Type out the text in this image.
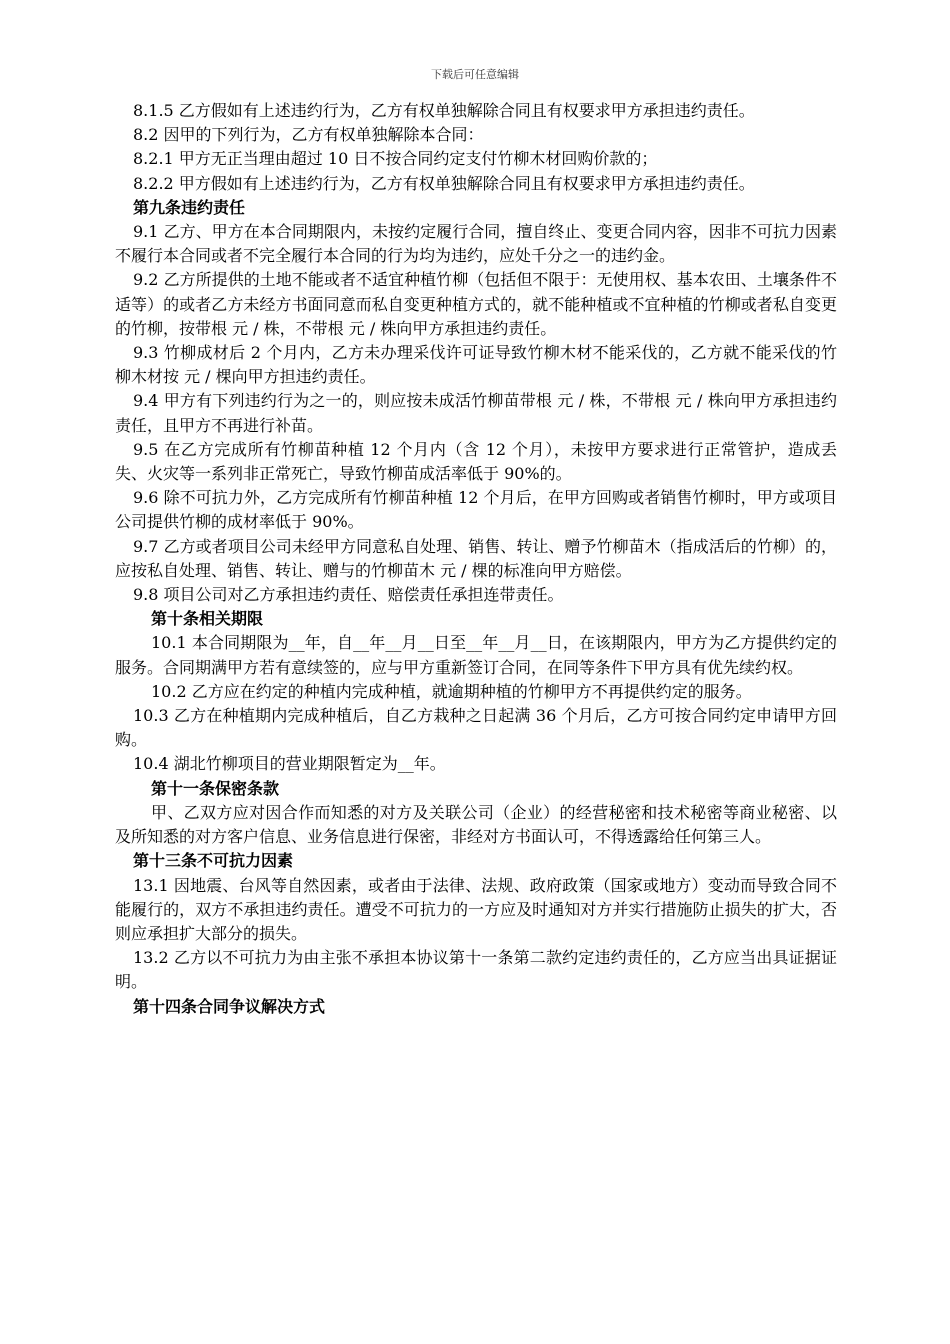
下载后可任意编辑

8.1.5 乙方假如有上述违约行为，乙方有权单独解除合同且有权要求甲方承担违约责任。

8.2 因甲的下列行为，乙方有权单独解除本合同：

8.2.1 甲方无正当理由超过 10 日不按合同约定支付竹柳木材回购价款的；

8.2.2 甲方假如有上述违约行为，乙方有权单独解除合同且有权要求甲方承担违约责任。

第九条违约责任

9.1 乙方、甲方在本合同期限内，未按约定履行合同，擅自终止、变更合同内容，因非不可抗力因素不履行本合同或者不完全履行本合同的行为均为违约，应处千分之一的违约金。

9.2 乙方所提供的土地不能或者不适宜种植竹柳（包括但不限于：无使用权、基本农田、土壤条件不适等）的或者乙方未经方书面同意而私自变更种植方式的，就不能种植或不宜种植的竹柳或者私自变更的竹柳，按带根 元 / 株，不带根 元 / 株向甲方承担违约责任。

9.3 竹柳成材后 2 个月内，乙方未办理采伐许可证导致竹柳木材不能采伐的，乙方就不能采伐的竹柳木材按 元 / 棵向甲方担违约责任。

9.4 甲方有下列违约行为之一的，则应按未成活竹柳苗带根 元 / 株，不带根 元 / 株向甲方承担违约责任，且甲方不再进行补苗。

9.5 在乙方完成所有竹柳苗种植 12 个月内（含 12 个月），未按甲方要求进行正常管护，造成丢失、火灾等一系列非正常死亡，导致竹柳苗成活率低于 90%的。

9.6 除不可抗力外，乙方完成所有竹柳苗种植 12 个月后，在甲方回购或者销售竹柳时，甲方或项目公司提供竹柳的成材率低于 90%。

9.7 乙方或者项目公司未经甲方同意私自处理、销售、转让、赠予竹柳苗木（指成活后的竹柳）的，应按私自处理、销售、转让、赠与的竹柳苗木 元 / 棵的标准向甲方赔偿。

9.8 项目公司对乙方承担违约责任、赔偿责任承担连带责任。

第十条相关期限

10.1 本合同期限为__年，自__年__月__日至__年__月__日，在该期限内，甲方为乙方提供约定的服务。合同期满甲方若有意续签的，应与甲方重新签订合同，在同等条件下甲方具有优先续约权。

10.2 乙方应在约定的种植内完成种植，就逾期种植的竹柳甲方不再提供约定的服务。

10.3 乙方在种植期内完成种植后，自乙方栽种之日起满 36 个月后，乙方可按合同约定申请甲方回购。

10.4 湖北竹柳项目的营业期限暂定为__年。

第十一条保密条款

甲、乙双方应对因合作而知悉的对方及关联公司（企业）的经营秘密和技术秘密等商业秘密、以及所知悉的对方客户信息、业务信息进行保密，非经对方书面认可，不得透露给任何第三人。

第十三条不可抗力因素

13.1 因地震、台风等自然因素，或者由于法律、法规、政府政策（国家或地方）变动而导致合同不能履行的，双方不承担违约责任。遭受不可抗力的一方应及时通知对方并实行措施防止损失的扩大，否则应承担扩大部分的损失。

13.2 乙方以不可抗力为由主张不承担本协议第十一条第二款约定违约责任的，乙方应当出具证据证明。

第十四条合同争议解决方式
